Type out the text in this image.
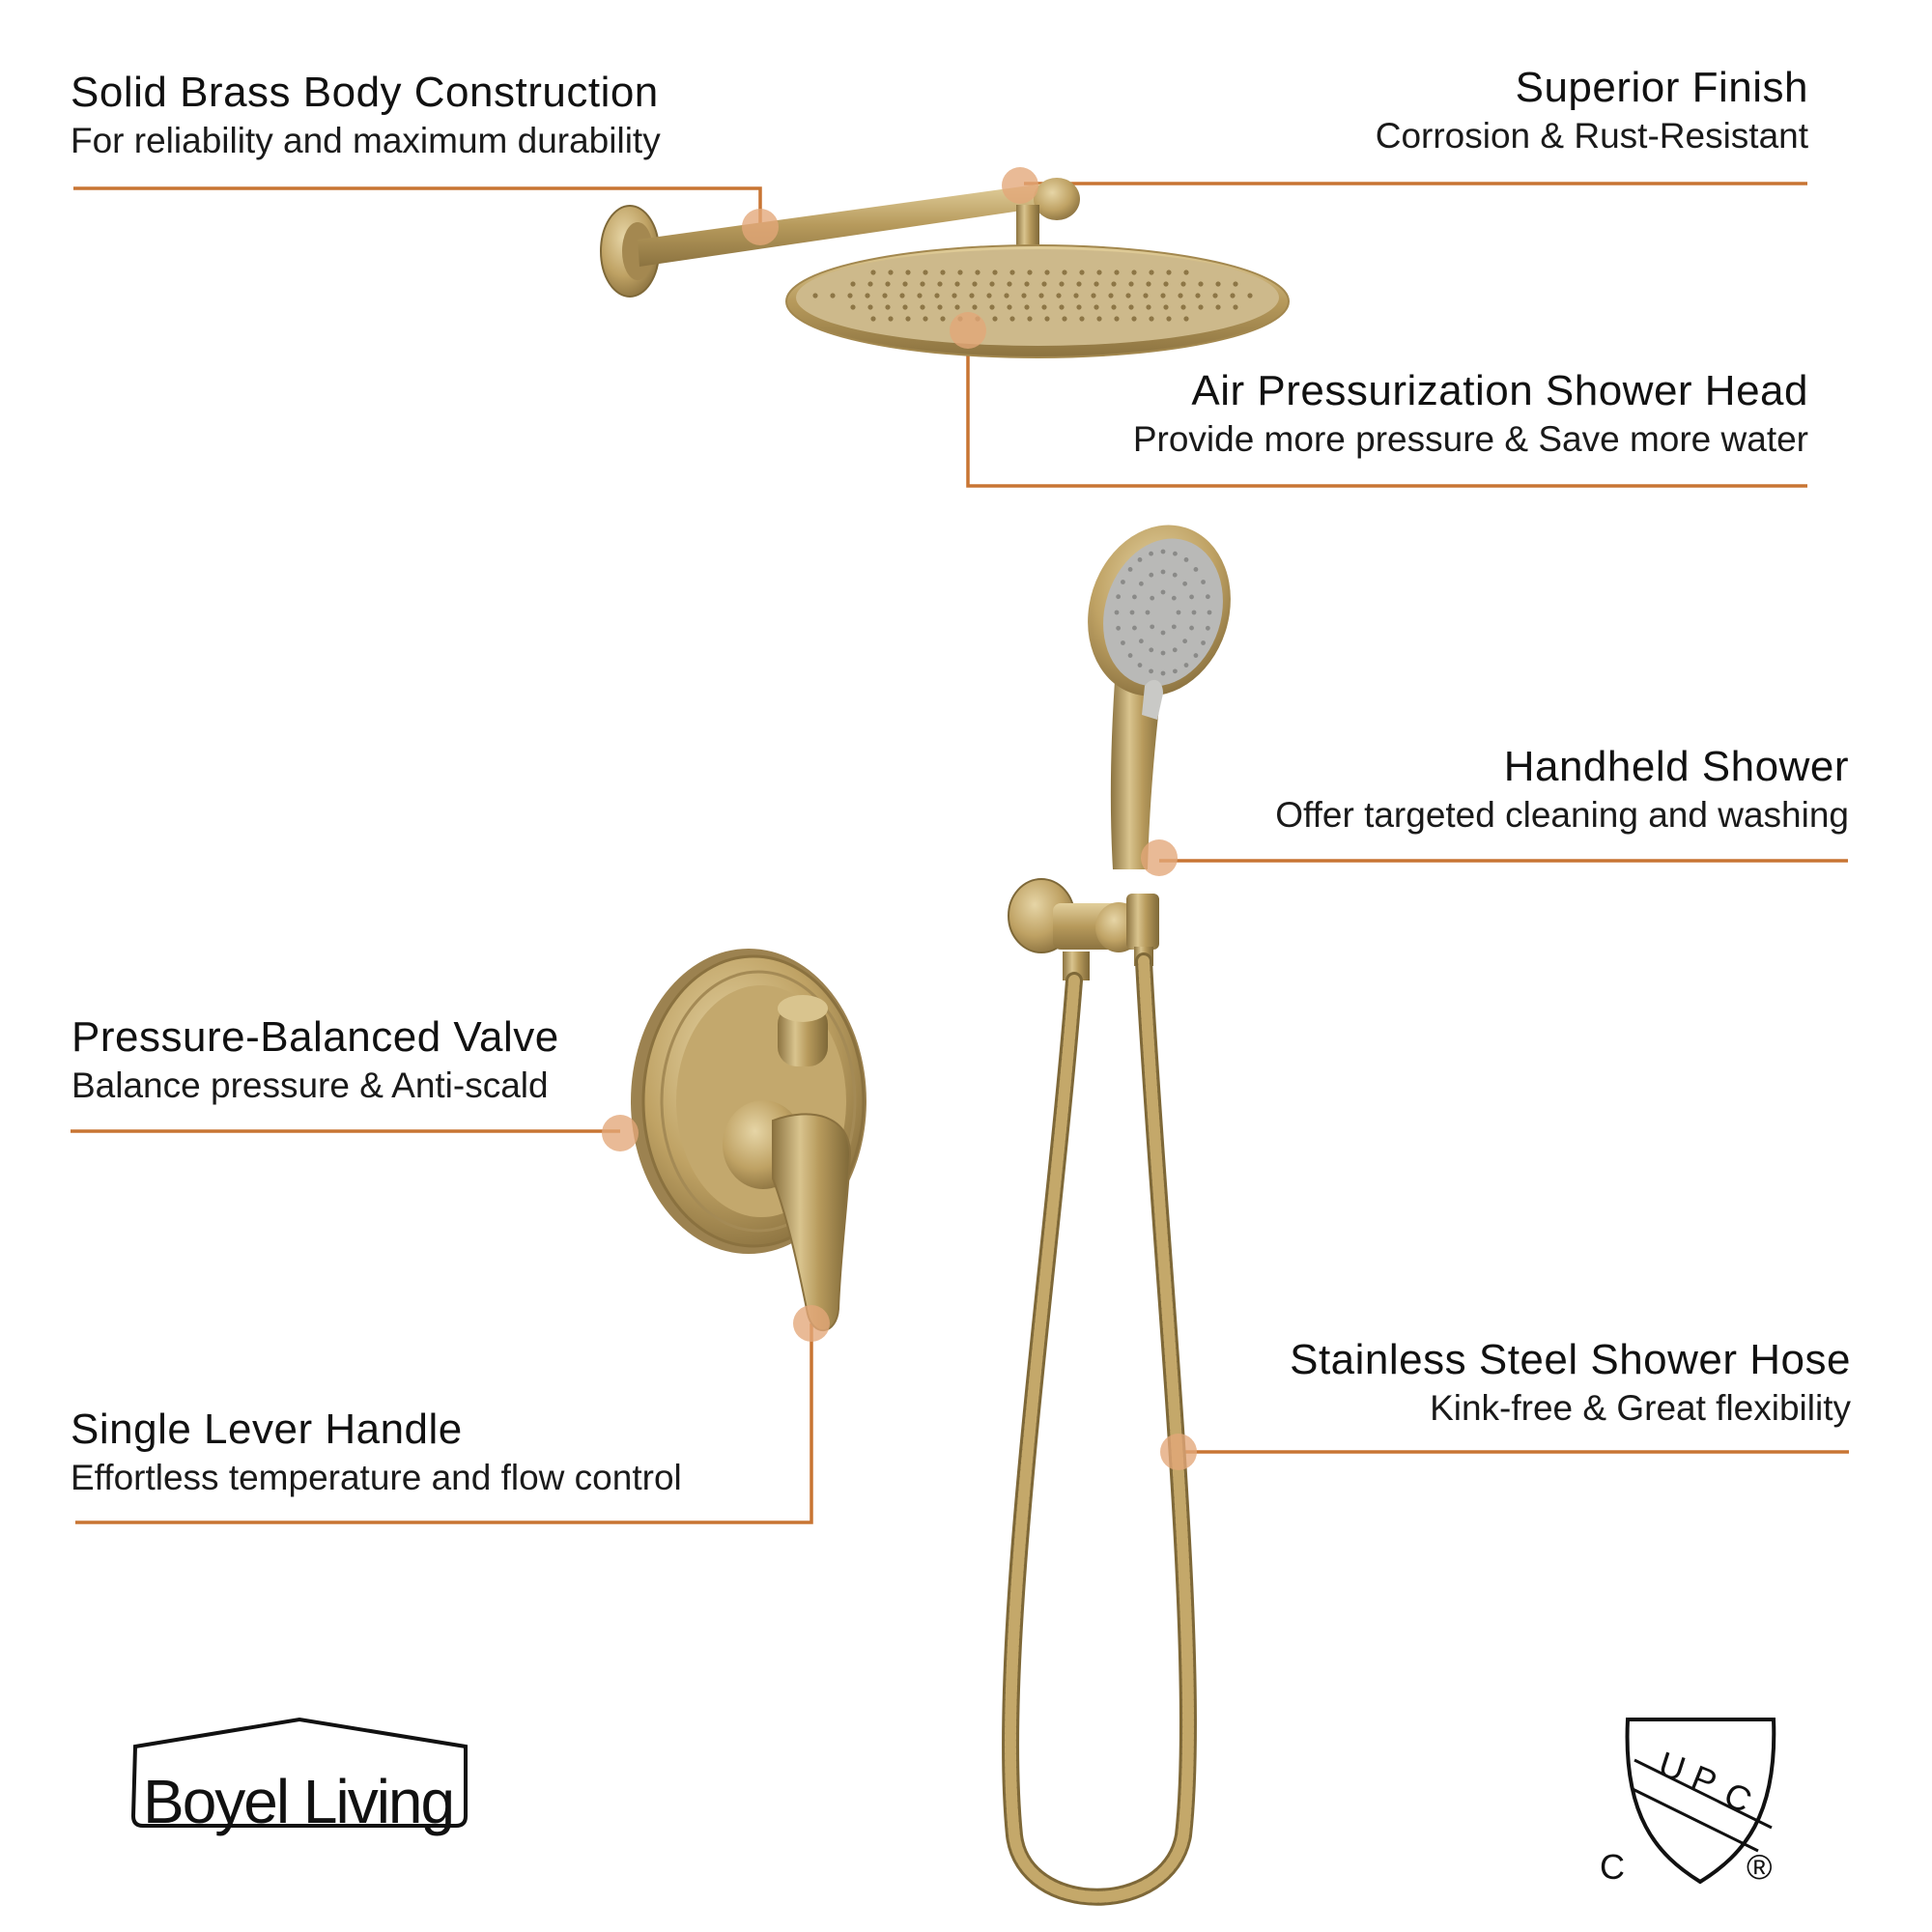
Solid Brass Body Construction
For reliability and maximum durability
Superior Finish
Corrosion & Rust-Resistant
Air Pressurization Shower Head
Provide more pressure & Save more water
Handheld Shower
Offer targeted cleaning and washing
Pressure-Balanced Valve
Balance pressure & Anti-scald
Stainless Steel Shower Hose
Kink-free & Great flexibility
Single Lever Handle
Effortless temperature and flow control
Boyel Living
U
P
C
C	®
